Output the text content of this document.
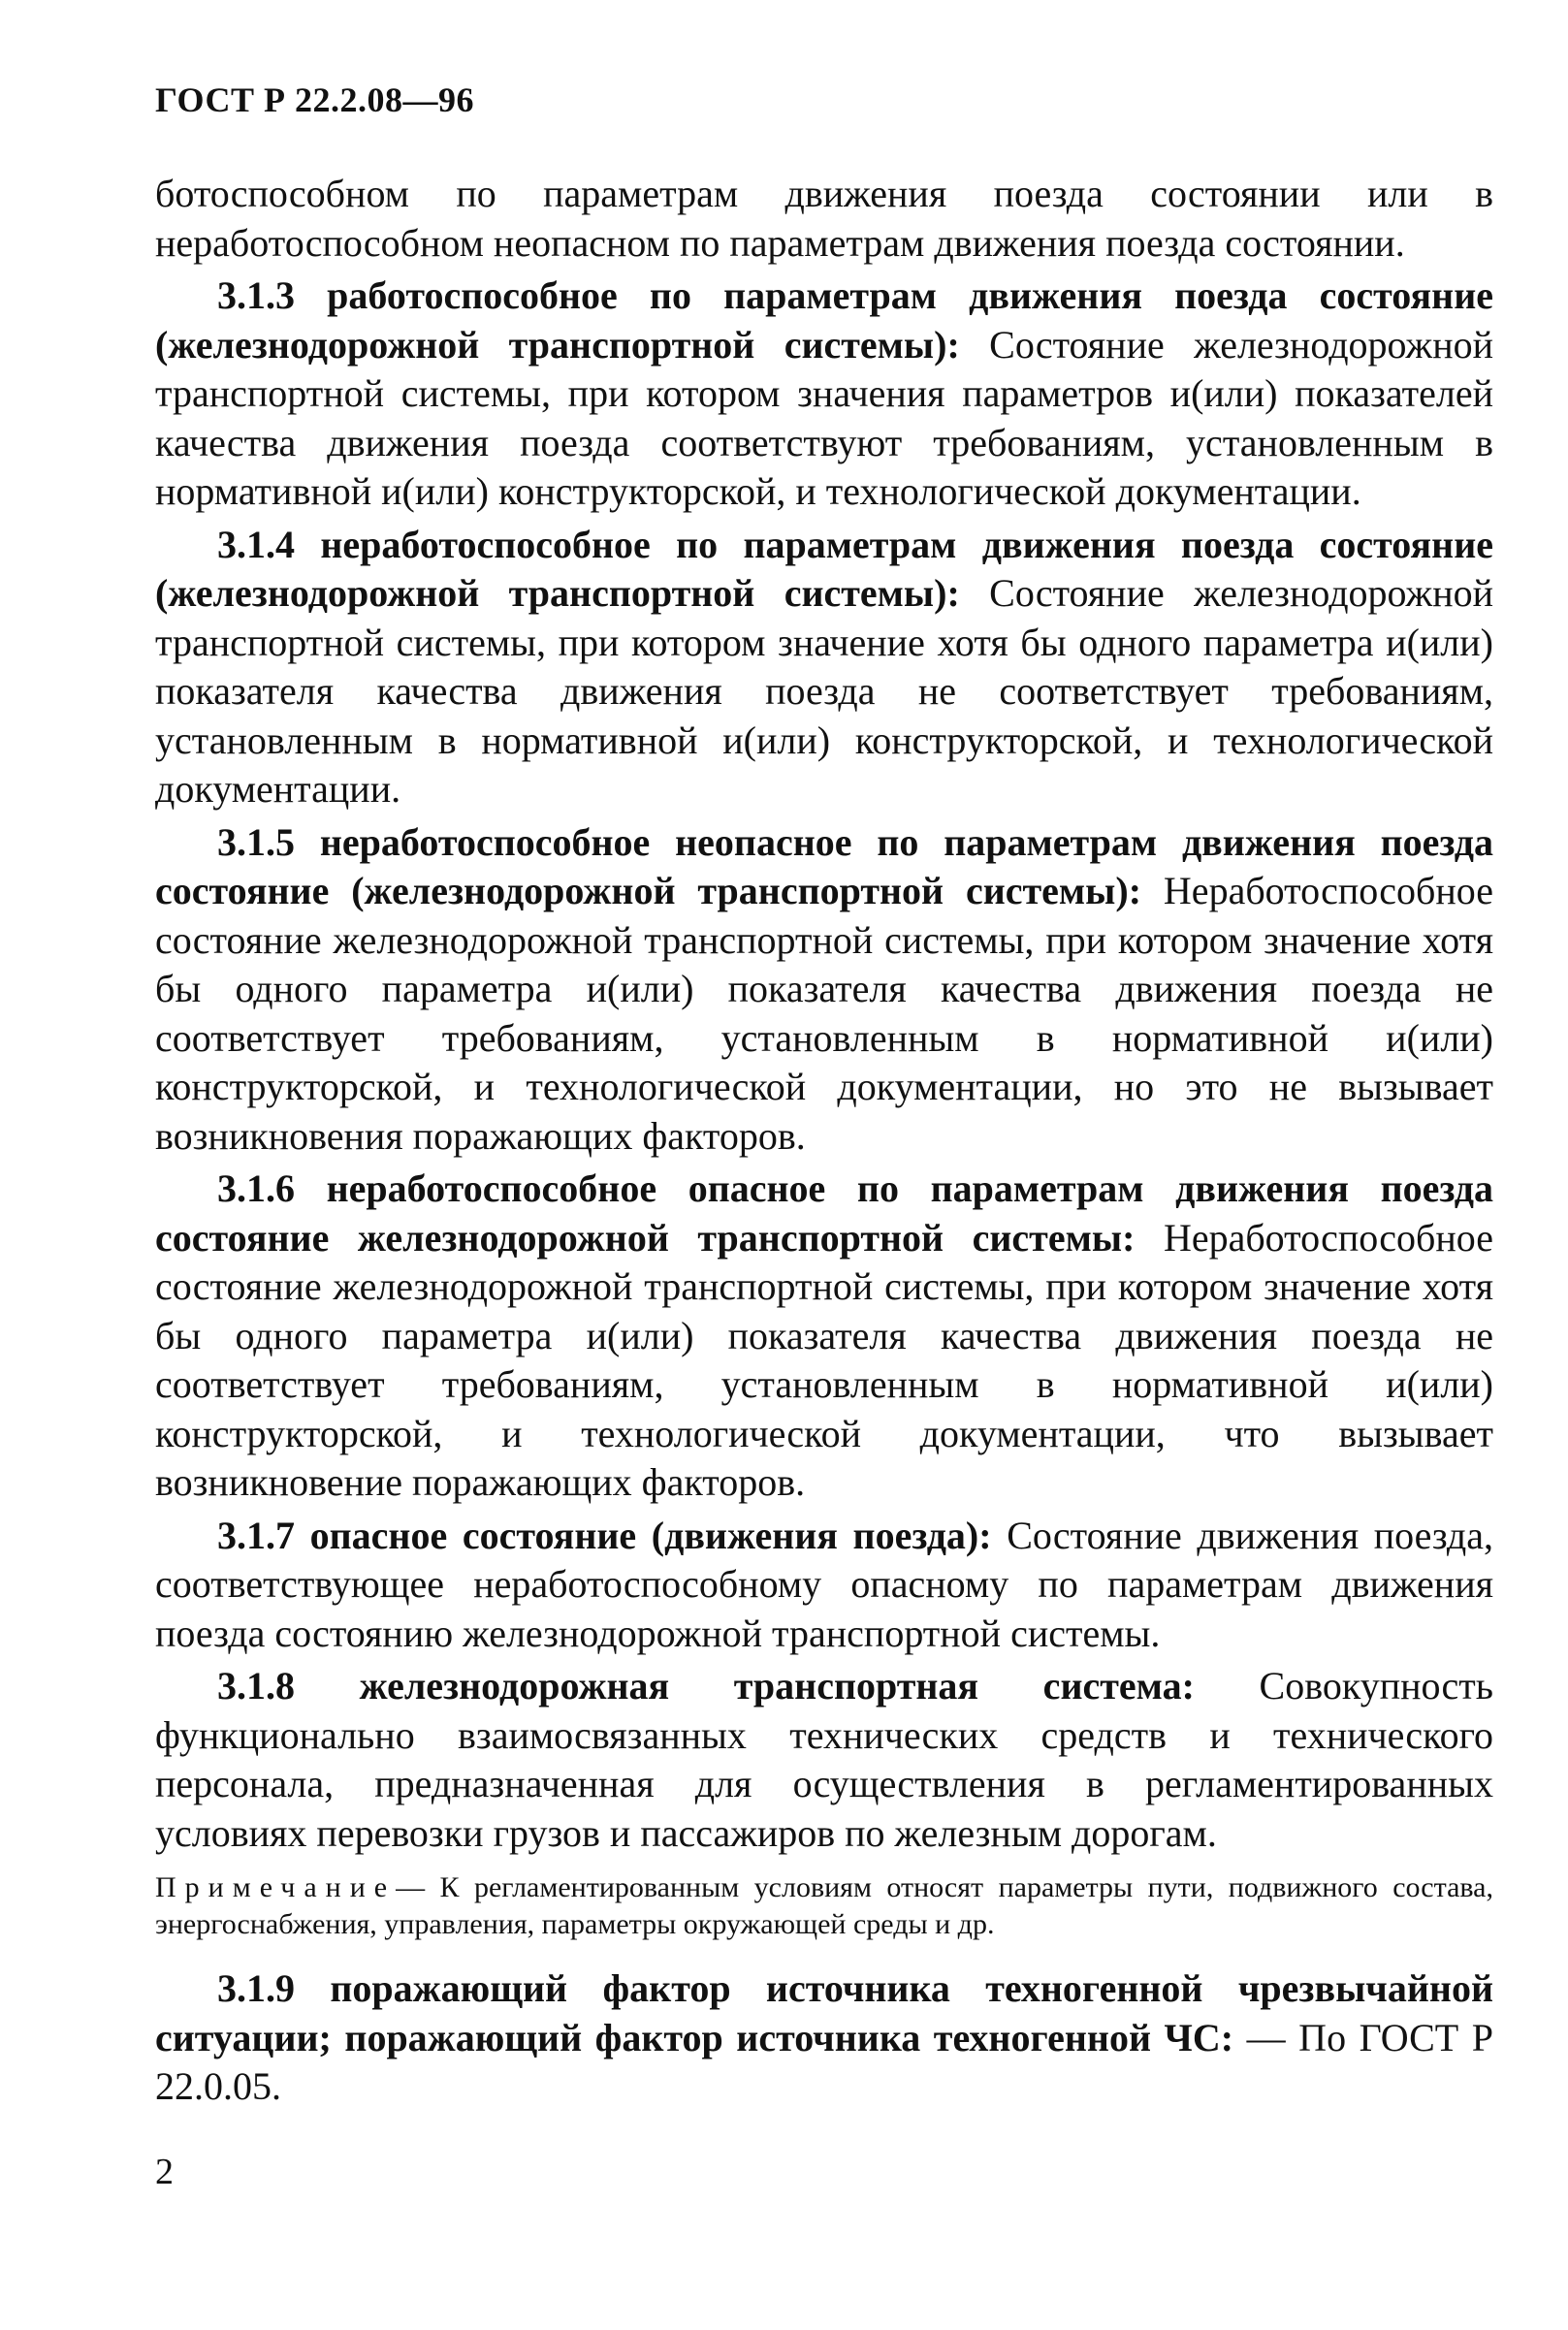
ГОСТ Р 22.2.08—96

ботоспособном по параметрам движения поезда состоянии или в неработоспособном неопасном по параметрам движения поезда состоянии.

3.1.3 работоспособное по параметрам движения поезда состояние (железнодорожной транспортной системы): Состояние железнодорожной транспортной системы, при котором значения параметров и(или) показателей качества движения поезда соответствуют требованиям, установленным в нормативной и(или) конструкторской, и технологической документации.

3.1.4 неработоспособное по параметрам движения поезда состояние (железнодорожной транспортной системы): Состояние железнодорожной транспортной системы, при котором значение хотя бы одного параметра и(или) показателя качества движения поезда не соответствует требованиям, установленным в нормативной и(или) конструкторской, и технологической документации.

3.1.5 неработоспособное неопасное по параметрам движения поезда состояние (железнодорожной транспортной системы): Неработоспособное состояние железнодорожной транспортной системы, при котором значение хотя бы одного параметра и(или) показателя качества движения поезда не соответствует требованиям, установленным в нормативной и(или) конструкторской, и технологической документации, но это не вызывает возникновения поражающих факторов.

3.1.6 неработоспособное опасное по параметрам движения поезда состояние железнодорожной транспортной системы: Неработоспособное состояние железнодорожной транспортной системы, при котором значение хотя бы одного параметра и(или) показателя качества движения поезда не соответствует требованиям, установленным в нормативной и(или) конструкторской, и технологической документации, что вызывает возникновение поражающих факторов.

3.1.7 опасное состояние (движения поезда): Состояние движения поезда, соответствующее неработоспособному опасному по параметрам движения поезда состоянию железнодорожной транспортной системы.

3.1.8 железнодорожная транспортная система: Совокупность функционально взаимосвязанных технических средств и технического персонала, предназначенная для осуществления в регламентированных условиях перевозки грузов и пассажиров по железным дорогам.

Примечание— К регламентированным условиям относят параметры пути, подвижного состава, энергоснабжения, управления, параметры окружающей среды и др.

3.1.9 поражающий фактор источника техногенной чрезвычайной ситуации; поражающий фактор источника техногенной ЧС: — По ГОСТ Р 22.0.05.

2
